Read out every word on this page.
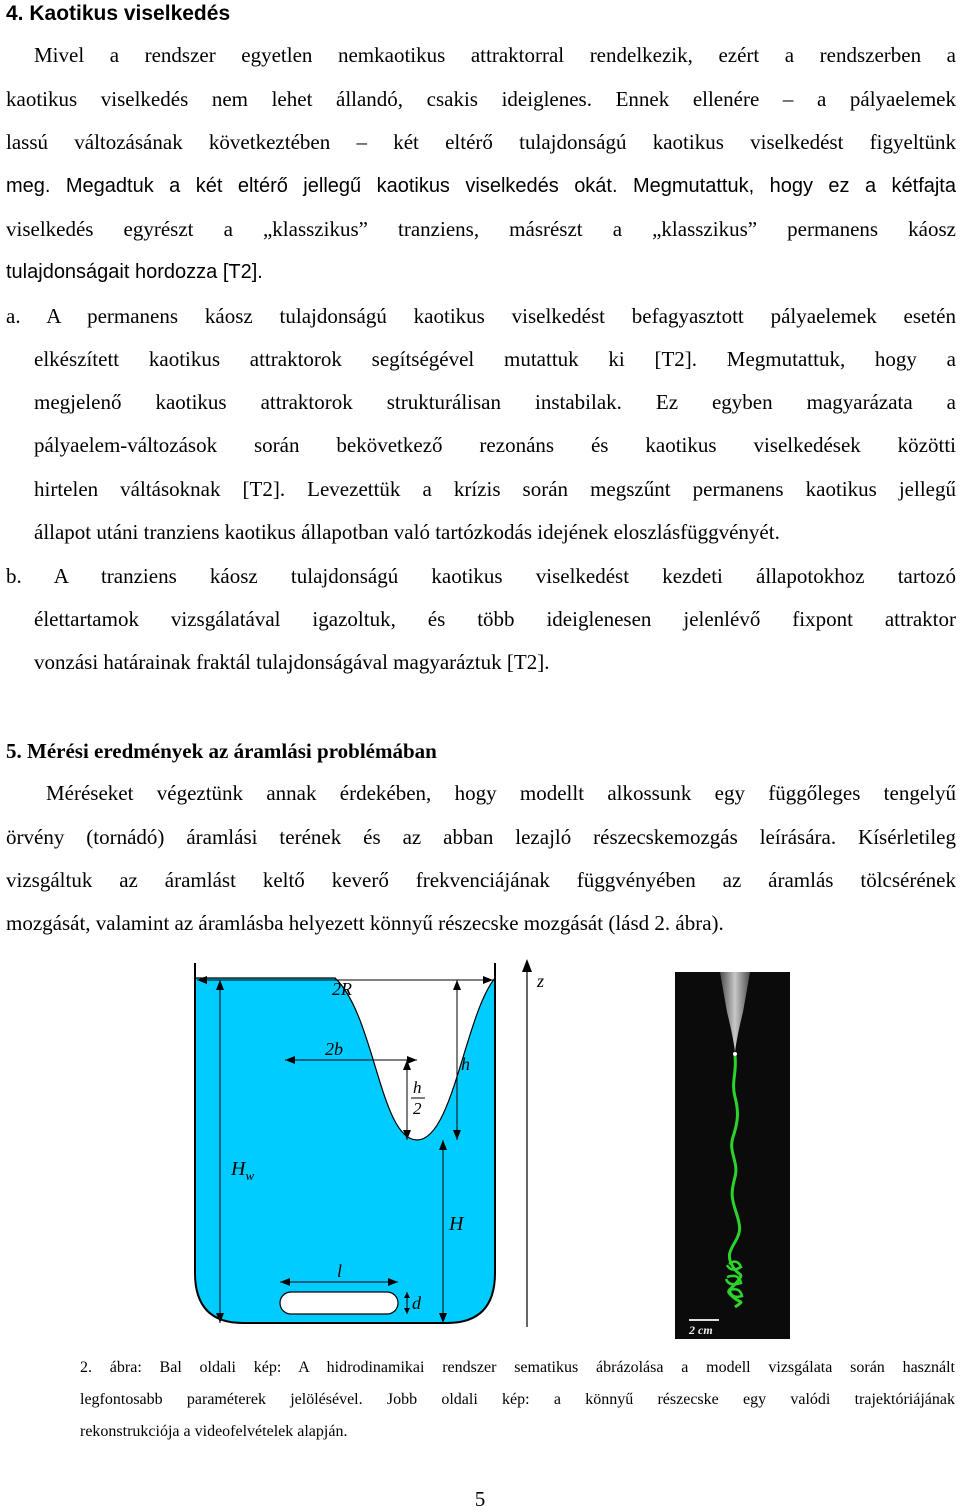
4. Kaotikus viselkedés
Mivel a rendszer egyetlen nemkaotikus attraktorral rendelkezik, ezért a rendszerben a
kaotikus viselkedés nem lehet állandó, csakis ideiglenes. Ennek ellenére – a pályaelemek
lassú változásának következtében – két eltérő tulajdonságú kaotikus viselkedést figyeltünk
meg. Megadtuk a két eltérő jellegű kaotikus viselkedés okát. Megmutattuk, hogy ez a kétfajta
viselkedés egyrészt a „klasszikus” tranziens, másrészt a „klasszikus” permanens káosz
tulajdonságait hordozza [T2].
a. A permanens káosz tulajdonságú kaotikus viselkedést befagyasztott pályaelemek esetén
elkészített kaotikus attraktorok segítségével mutattuk ki [T2]. Megmutattuk, hogy a
megjelenő kaotikus attraktorok strukturálisan instabilak. Ez egyben magyarázata a
pályaelem-változások során bekövetkező rezonáns és kaotikus viselkedések közötti
hirtelen váltásoknak [T2]. Levezettük a krízis során megszűnt permanens kaotikus jellegű
állapot utáni tranziens kaotikus állapotban való tartózkodás idejének eloszlásfüggvényét.
b. A tranziens káosz tulajdonságú kaotikus viselkedést kezdeti állapotokhoz tartozó
élettartamok vizsgálatával igazoltuk, és több ideiglenesen jelenlévő fixpont attraktor
vonzási határainak fraktál tulajdonságával magyaráztuk [T2].
5. Mérési eredmények az áramlási problémában
Méréseket végeztünk annak érdekében, hogy modellt alkossunk egy függőleges tengelyű
örvény (tornádó) áramlási terének és az abban lezajló részecskemozgás leírására. Kísérletileg
vizsgáltuk az áramlást keltő keverő frekvenciájának függvényében az áramlás tölcsérének
mozgását, valamint az áramlásba helyezett könnyű részecske mozgását (lásd 2. ábra).
2R
2b
h
h
2
$H_w$
H
l
d
z
2 cm
2. ábra: Bal oldali kép: A hidrodinamikai rendszer sematikus ábrázolása a modell vizsgálata során használt
legfontosabb paraméterek jelölésével. Jobb oldali kép: a könnyű részecske egy valódi trajektóriájának
rekonstrukciója a videofelvételek alapján.
5
